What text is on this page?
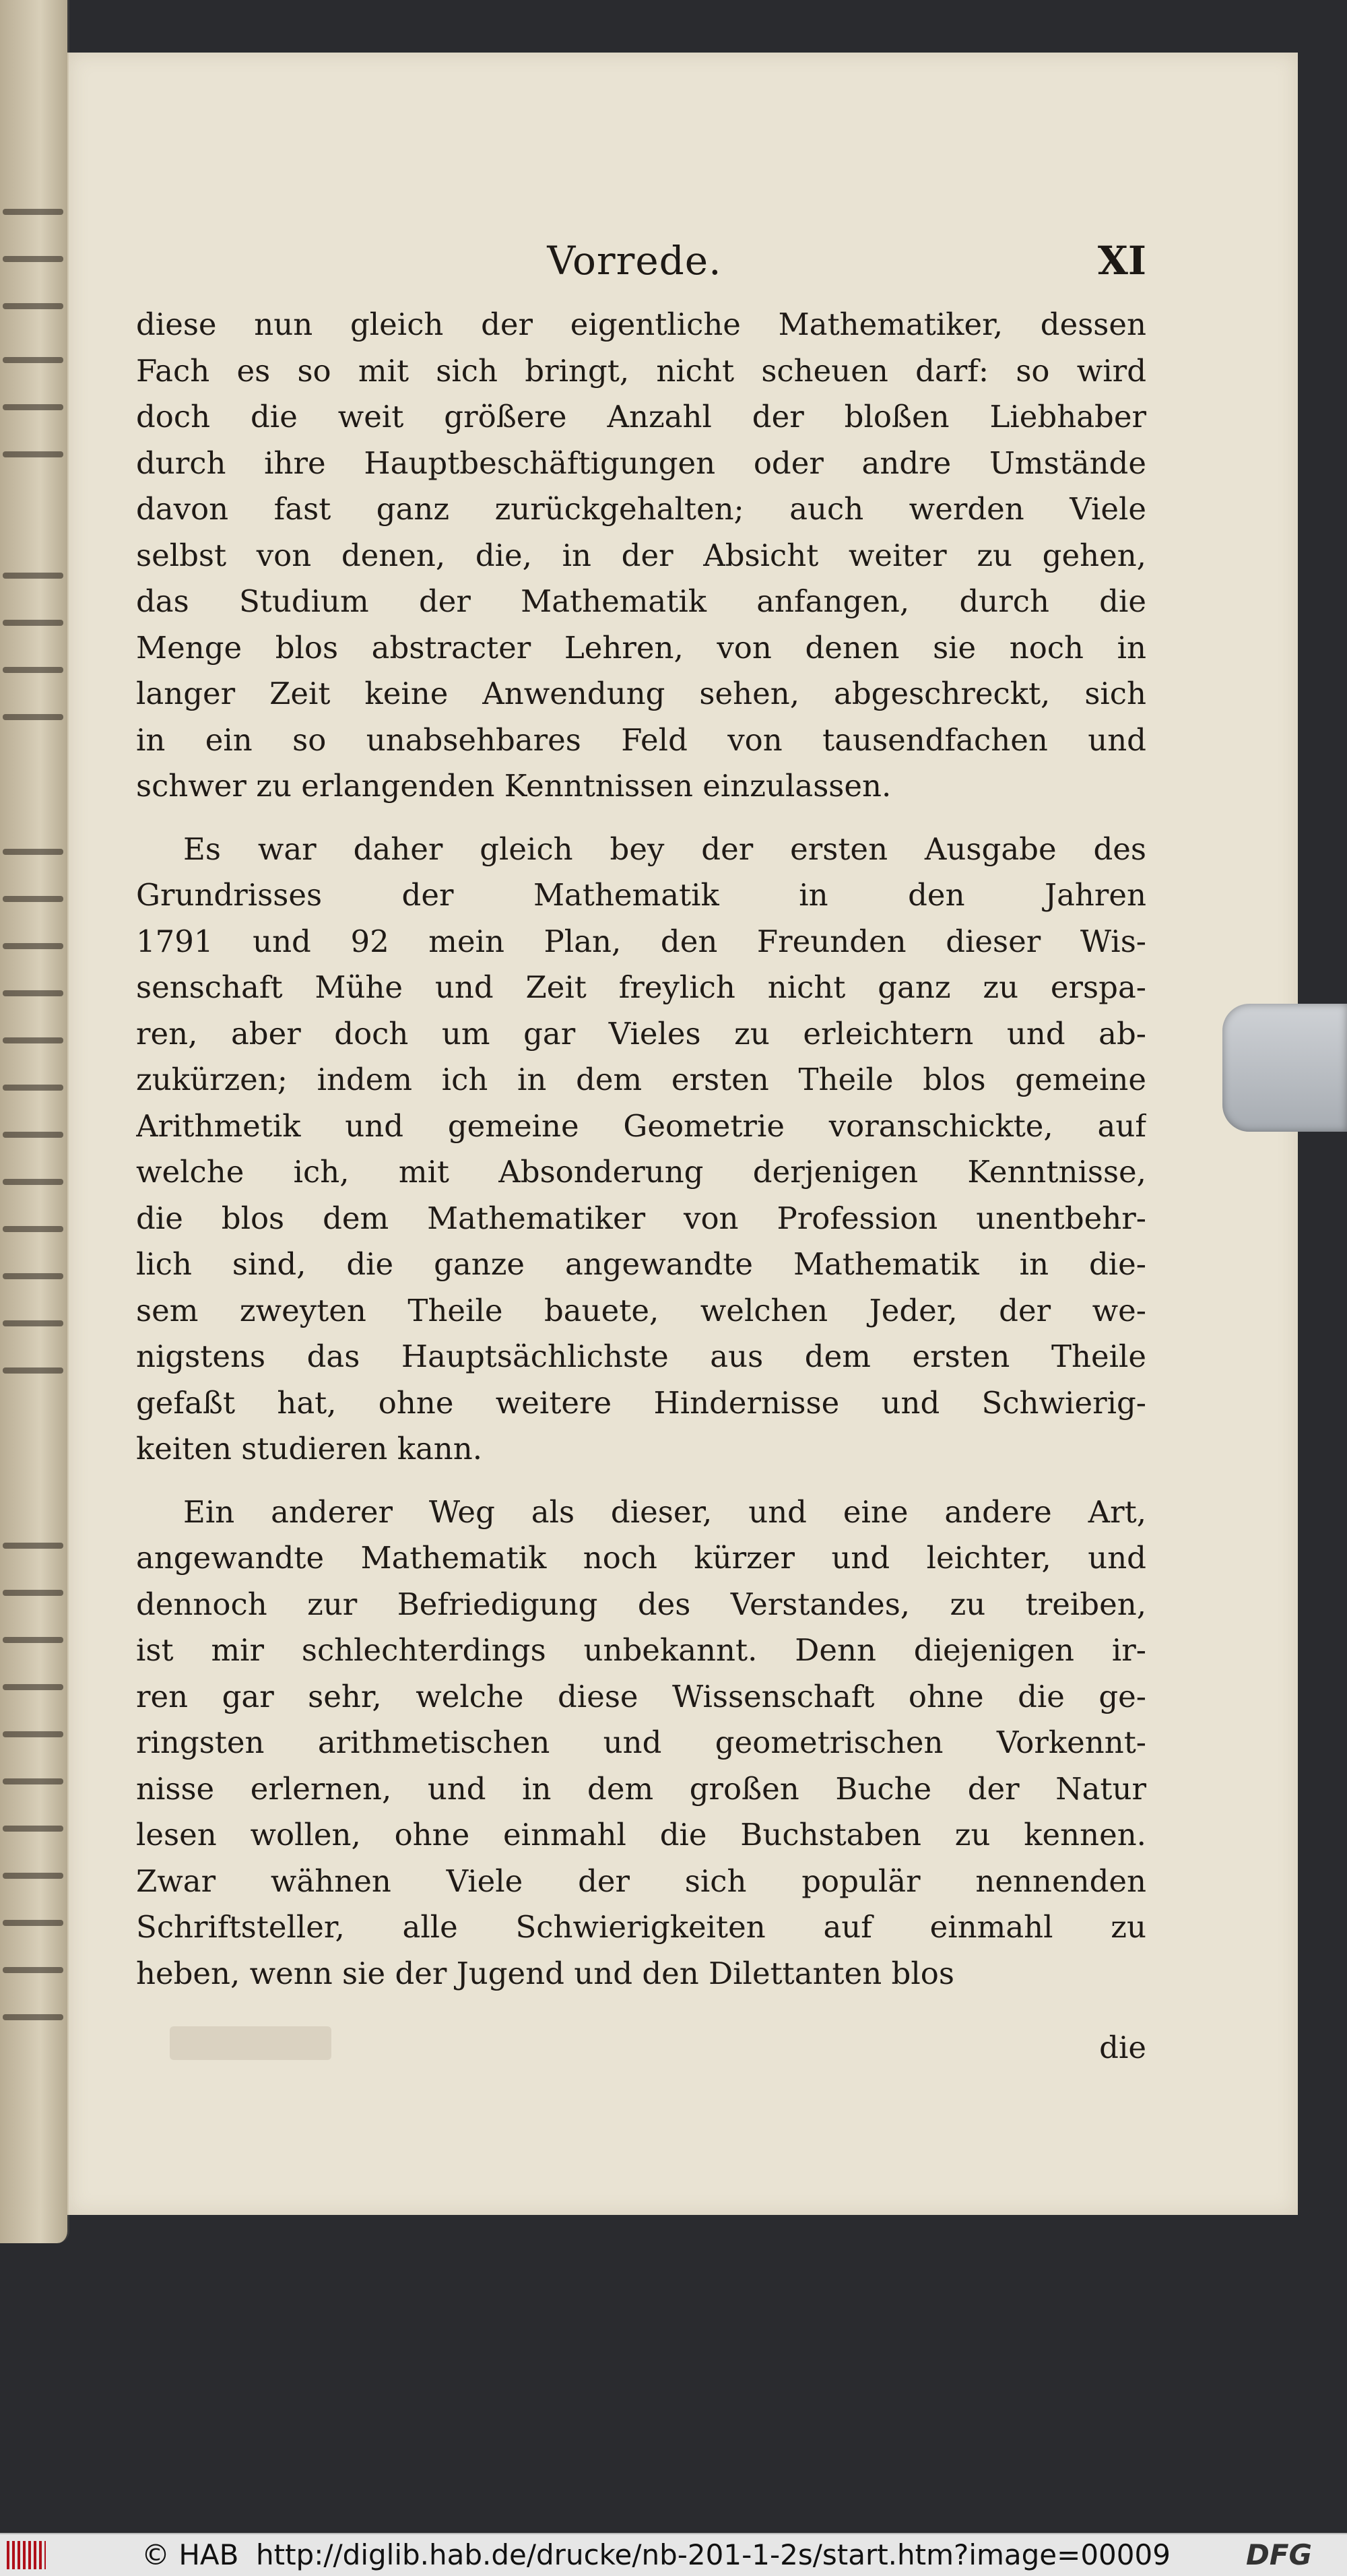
Vorrede.	XI
diese nun gleich der eigentliche Mathematiker, dessen
Fach es so mit sich bringt, nicht scheuen darf: so wird
doch die weit größere Anzahl der bloßen Liebhaber
durch ihre Hauptbeschäftigungen oder andre Umstände
davon fast ganz zurückgehalten; auch werden Viele
selbst von denen, die, in der Absicht weiter zu gehen,
das Studium der Mathematik anfangen, durch die
Menge blos abstracter Lehren, von denen sie noch in
langer Zeit keine Anwendung sehen, abgeschreckt, sich
in ein so unabsehbares Feld von tausendfachen und
schwer zu erlangenden Kenntnissen einzulassen.
Es war daher gleich bey der ersten Ausgabe des
Grundrisses der Mathematik in den Jahren
1791 und 92 mein Plan, den Freunden dieser Wis-
senschaft Mühe und Zeit freylich nicht ganz zu erspa-
ren, aber doch um gar Vieles zu erleichtern und ab-
zukürzen; indem ich in dem ersten Theile blos gemeine
Arithmetik und gemeine Geometrie voranschickte, auf
welche ich, mit Absonderung derjenigen Kenntnisse,
die blos dem Mathematiker von Profession unentbehr-
lich sind, die ganze angewandte Mathematik in die-
sem zweyten Theile bauete, welchen Jeder, der we-
nigstens das Hauptsächlichste aus dem ersten Theile
gefaßt hat, ohne weitere Hindernisse und Schwierig-
keiten studieren kann.
Ein anderer Weg als dieser, und eine andere Art,
angewandte Mathematik noch kürzer und leichter, und
dennoch zur Befriedigung des Verstandes, zu treiben,
ist mir schlechterdings unbekannt. Denn diejenigen ir-
ren gar sehr, welche diese Wissenschaft ohne die ge-
ringsten arithmetischen und geometrischen Vorkennt-
nisse erlernen, und in dem großen Buche der Natur
lesen wollen, ohne einmahl die Buchstaben zu kennen.
Zwar wähnen Viele der sich populär nennenden
Schriftsteller, alle Schwierigkeiten auf einmahl zu
heben, wenn sie der Jugend und den Dilettanten blos
die
© HAB http://diglib.hab.de/drucke/nb-201-1-2s/start.htm?image=00009	DFG
